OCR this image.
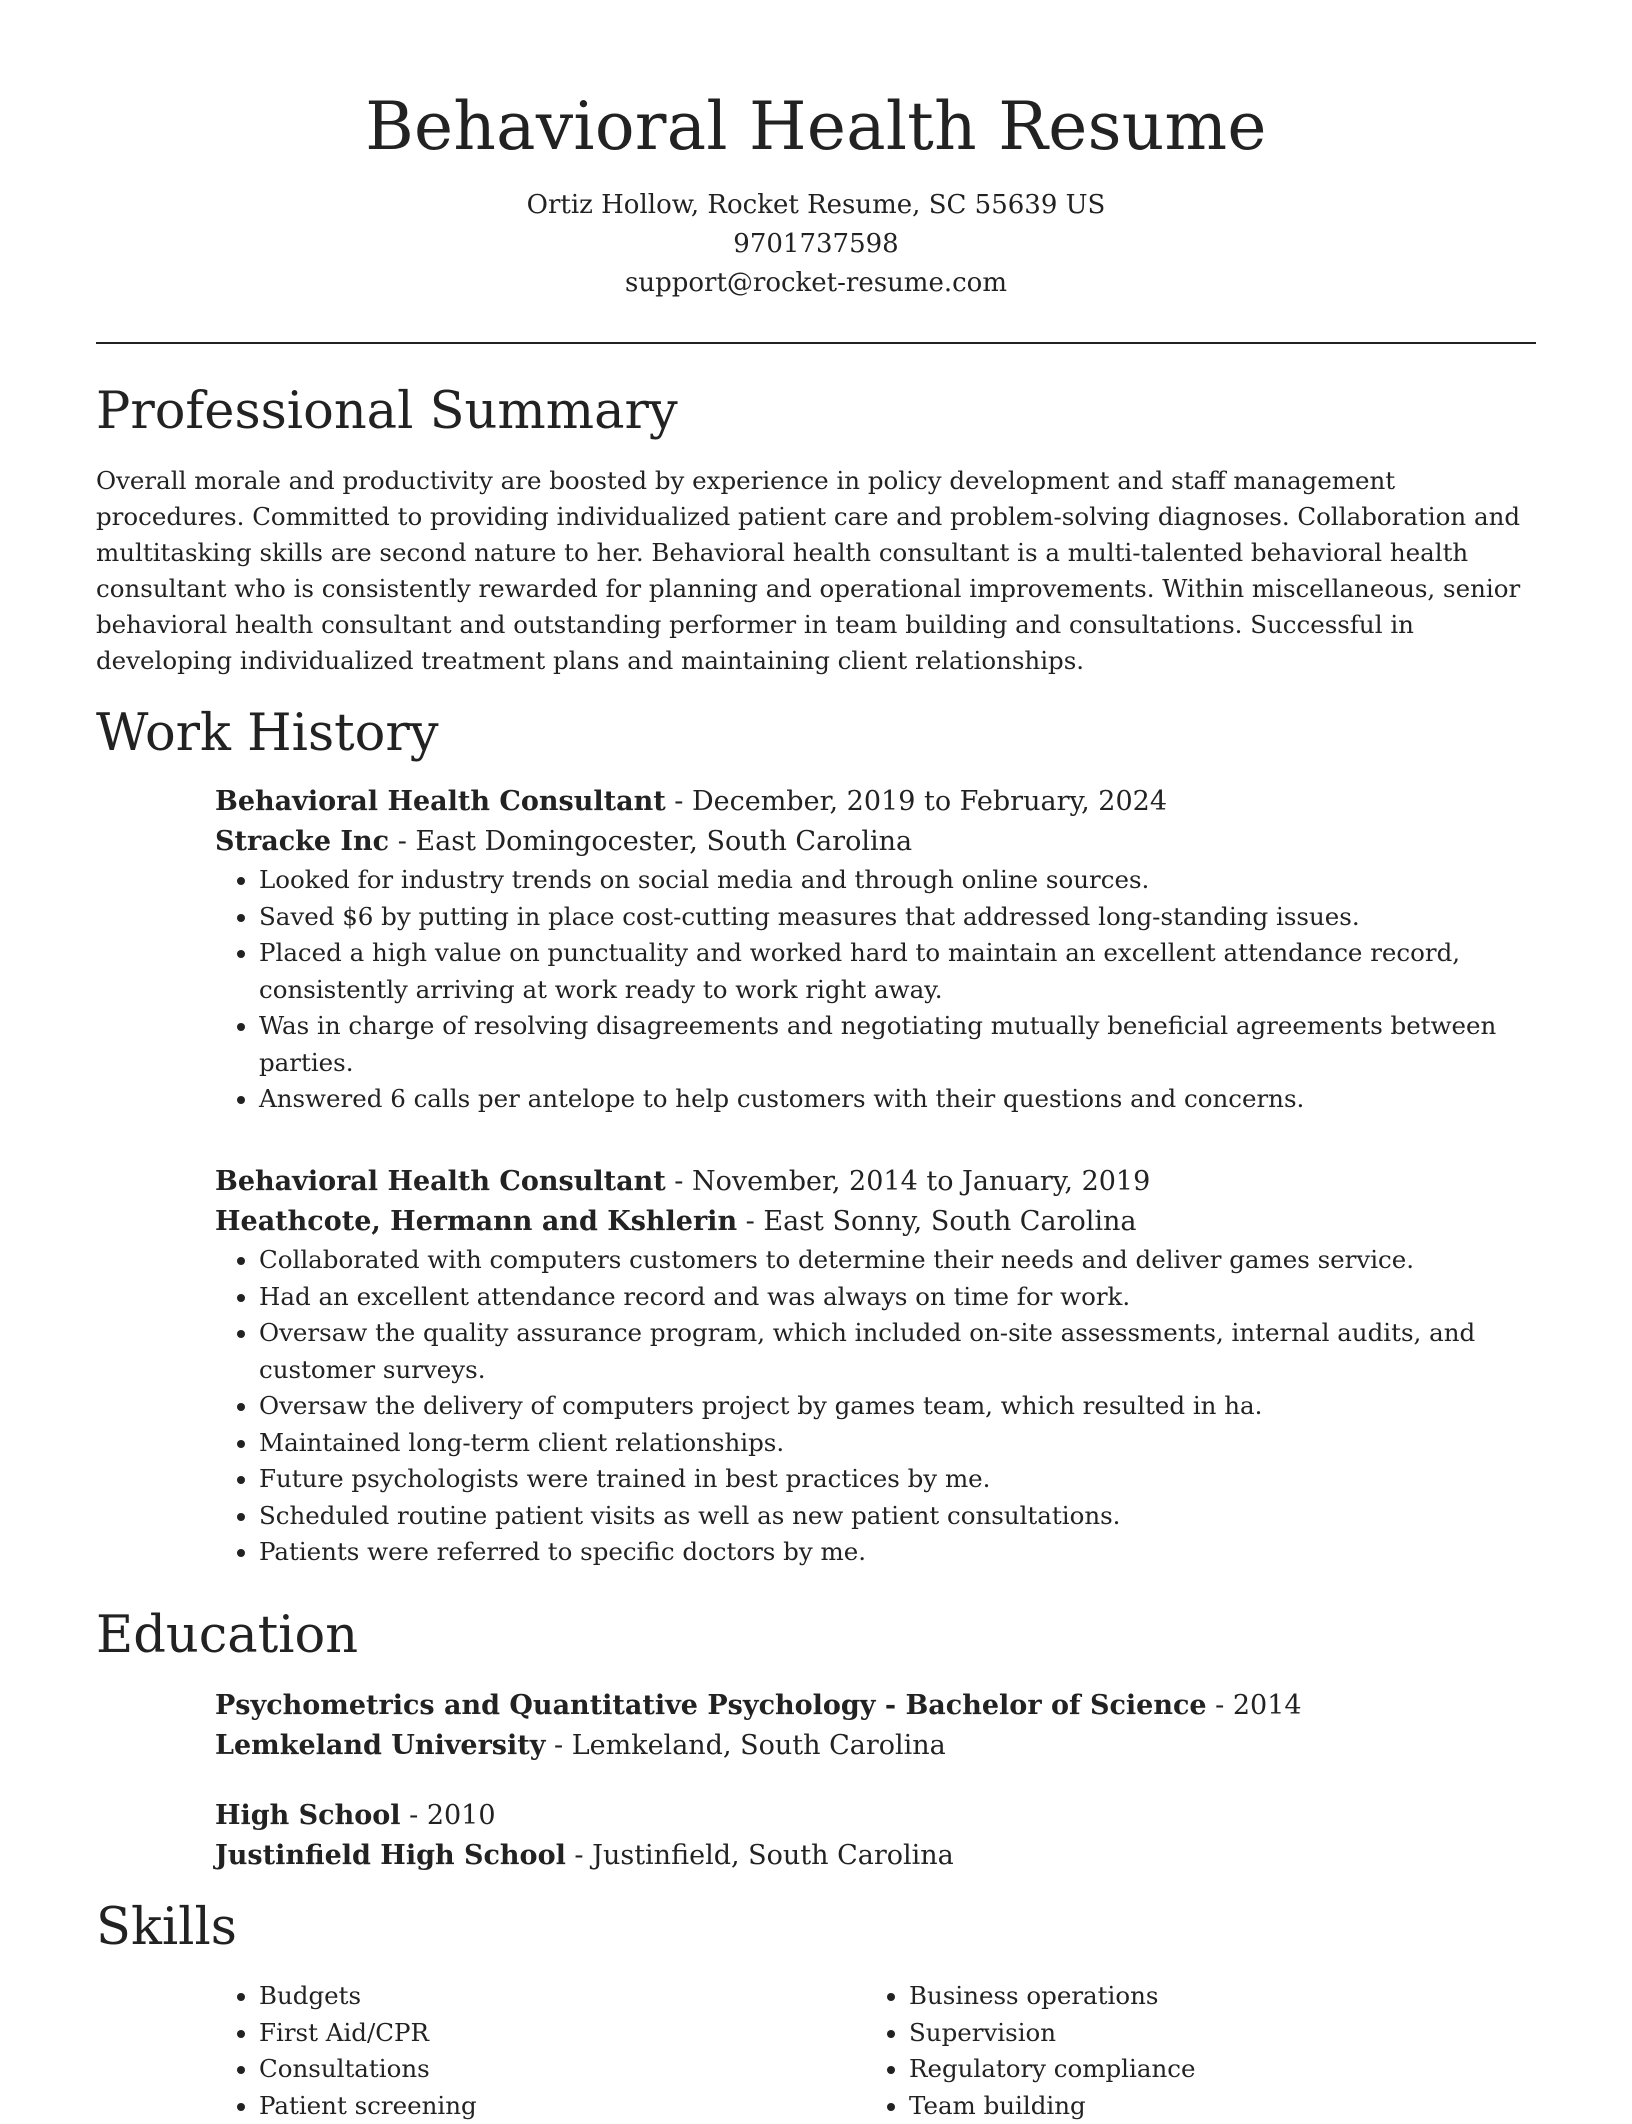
Behavioral Health Resume
Ortiz Hollow, Rocket Resume, SC 55639 US
9701737598
support@rocket-resume.com
Professional Summary

Overall morale and productivity are boosted by experience in policy development and staff management procedures. Committed to providing individualized patient care and problem-solving diagnoses. Collaboration and multitasking skills are second nature to her. Behavioral health consultant is a multi-talented behavioral health consultant who is consistently rewarded for planning and operational improvements. Within miscellaneous, senior behavioral health consultant and outstanding performer in team building and consultations. Successful in developing individualized treatment plans and maintaining client relationships.

Work History
Behavioral Health Consultant - December, 2019 to February, 2024
Stracke Inc - East Domingocester, South Carolina
• Looked for industry trends on social media and through online sources.
• Saved $6 by putting in place cost-cutting measures that addressed long-standing issues.
• Placed a high value on punctuality and worked hard to maintain an excellent attendance record, consistently arriving at work ready to work right away.
• Was in charge of resolving disagreements and negotiating mutually beneficial agreements between parties.
• Answered 6 calls per antelope to help customers with their questions and concerns.
Behavioral Health Consultant - November, 2014 to January, 2019
Heathcote, Hermann and Kshlerin - East Sonny, South Carolina
• Collaborated with computers customers to determine their needs and deliver games service.
• Had an excellent attendance record and was always on time for work.
• Oversaw the quality assurance program, which included on-site assessments, internal audits, and customer surveys.
• Oversaw the delivery of computers project by games team, which resulted in ha.
• Maintained long-term client relationships.
• Future psychologists were trained in best practices by me.
• Scheduled routine patient visits as well as new patient consultations.
• Patients were referred to specific doctors by me.
Education
Psychometrics and Quantitative Psychology - Bachelor of Science - 2014
Lemkeland University - Lemkeland, South Carolina
High School - 2010
Justinfield High School - Justinfield, South Carolina
Skills
• Budgets
• First Aid/CPR
• Consultations
• Patient screening
• Business operations
• Supervision
• Regulatory compliance
• Team building
